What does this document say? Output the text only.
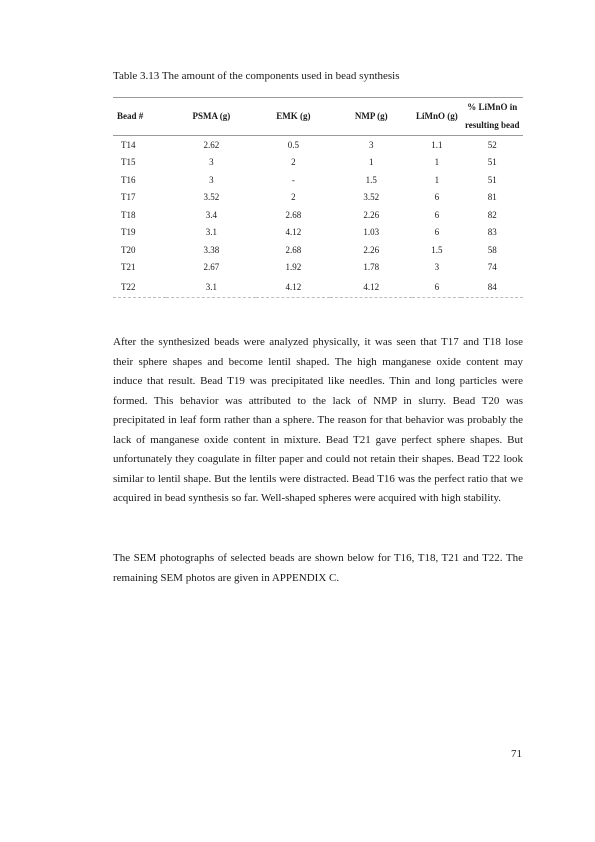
Table 3.13 The amount of the components used in bead synthesis

Bead #	PSMA (g)	EMK (g)	NMP (g)	LiMnO (g)	% LiMnO in
resulting bead
T14	2.62	0.5	3	1.1	52
T15	3	2	1	1	51
T16	3	-	1.5	1	51
T17	3.52	2	3.52	6	81
T18	3.4	2.68	2.26	6	82
T19	3.1	4.12	1.03	6	83
T20	3.38	2.68	2.26	1.5	58
T21	2.67	1.92	1.78	3	74
T22	3.1	4.12	4.12	6	84

After the synthesized beads were analyzed physically, it was seen that T17 and T18 lose their sphere shapes and become lentil shaped. The high manganese oxide content may induce that result. Bead T19 was precipitated like needles. Thin and long particles were formed. This behavior was attributed to the lack of NMP in slurry. Bead T20 was precipitated in leaf form rather than a sphere. The reason for that behavior was probably the lack of manganese oxide content in mixture. Bead T21 gave perfect sphere shapes. But unfortunately they coagulate in filter paper and could not retain their shapes. Bead T22 look similar to lentil shape. But the lentils were distracted. Bead T16 was the perfect ratio that we acquired in bead synthesis so far. Well-shaped spheres were acquired with high stability.

The SEM photographs of selected beads are shown below for T16, T18, T21 and T22. The remaining SEM photos are given in APPENDIX C.

71
